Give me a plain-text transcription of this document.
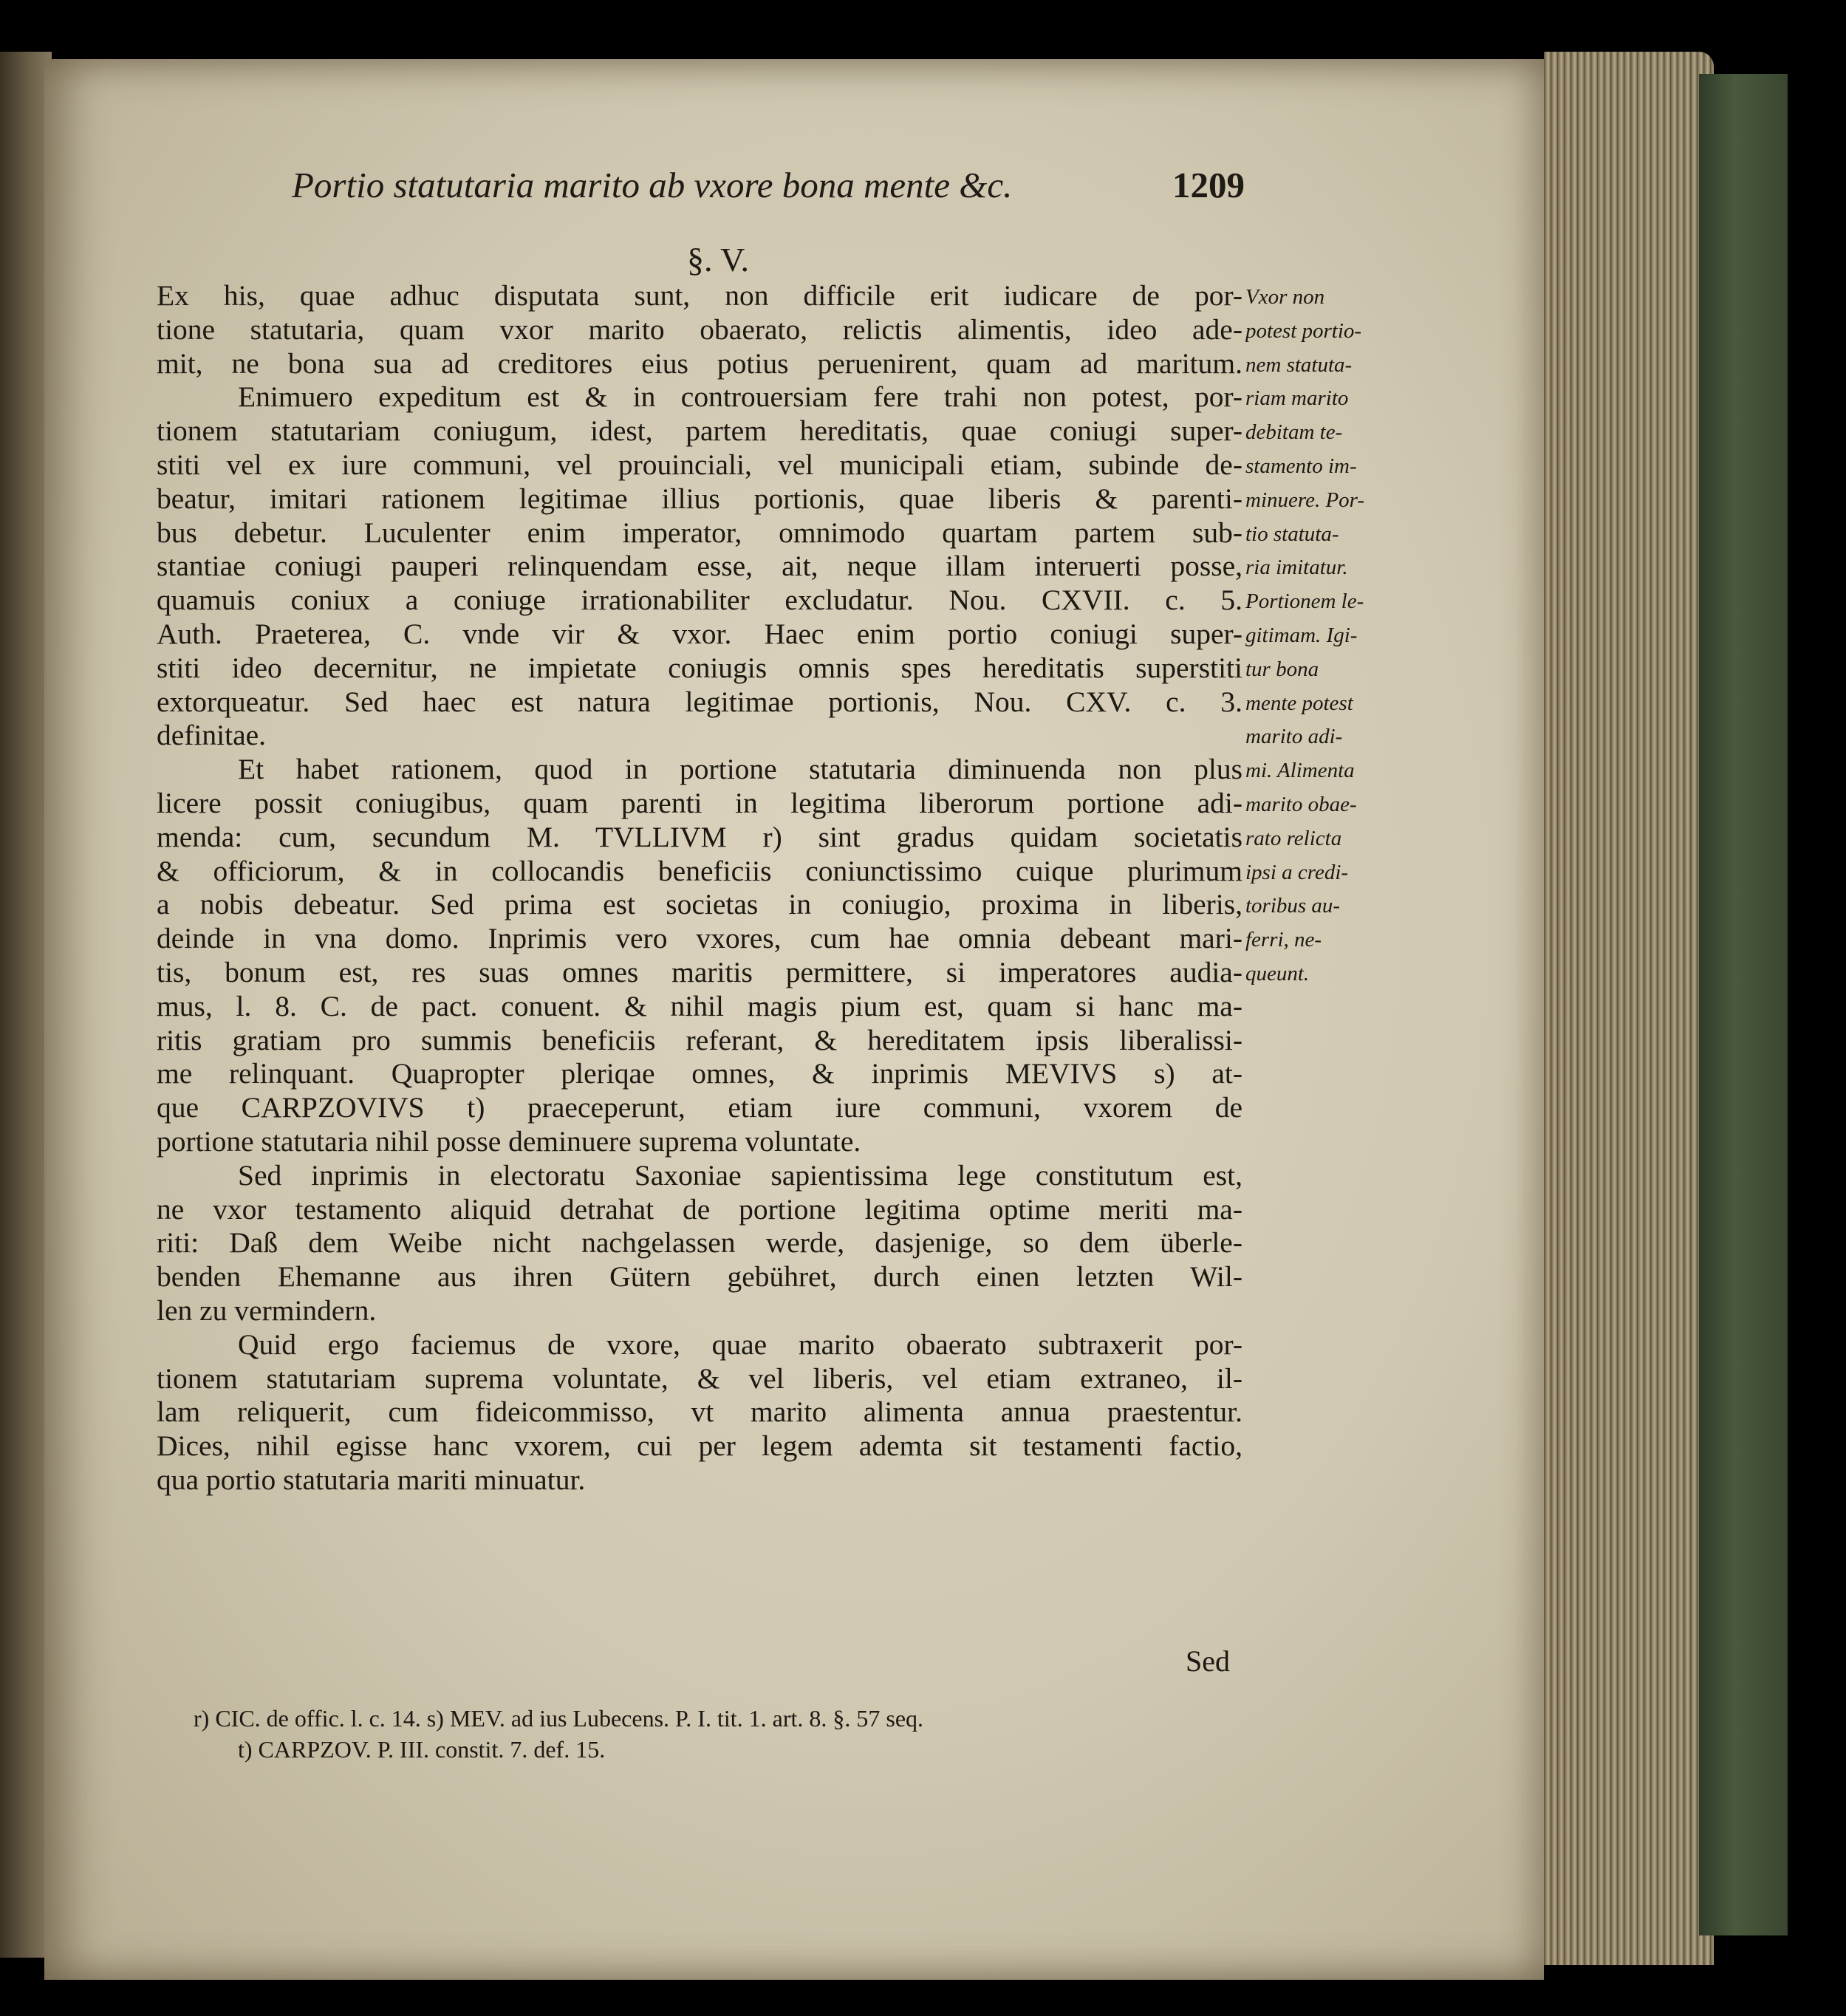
Portio statutaria marito ab vxore bona mente &c.	1209
§. V.
Ex his, quae adhuc disputata sunt, non difficile erit iudicare de por-
tione statutaria, quam vxor marito obaerato, relictis alimentis, ideo ade-
mit, ne bona sua ad creditores eius potius peruenirent, quam ad maritum.
Enimuero expeditum est & in controuersiam fere trahi non potest, por-
tionem statutariam coniugum, idest, partem hereditatis, quae coniugi super-
stiti vel ex iure communi, vel prouinciali, vel municipali etiam, subinde de-
beatur, imitari rationem legitimae illius portionis, quae liberis & parenti-
bus debetur. Luculenter enim imperator, omnimodo quartam partem sub-
stantiae coniugi pauperi relinquendam esse, ait, neque illam interuerti posse,
quamuis coniux a coniuge irrationabiliter excludatur. Nou. CXVII. c. 5.
Auth. Praeterea, C. vnde vir & vxor. Haec enim portio coniugi super-
stiti ideo decernitur, ne impietate coniugis omnis spes hereditatis superstiti
extorqueatur. Sed haec est natura legitimae portionis, Nou. CXV. c. 3.
definitae.
Et habet rationem, quod in portione statutaria diminuenda non plus
licere possit coniugibus, quam parenti in legitima liberorum portione adi-
menda: cum, secundum M. TVLLIVM r) sint gradus quidam societatis
& officiorum, & in collocandis beneficiis coniunctissimo cuique plurimum
a nobis debeatur. Sed prima est societas in coniugio, proxima in liberis,
deinde in vna domo. Inprimis vero vxores, cum hae omnia debeant mari-
tis, bonum est, res suas omnes maritis permittere, si imperatores audia-
mus, l. 8. C. de pact. conuent. & nihil magis pium est, quam si hanc ma-
ritis gratiam pro summis beneficiis referant, & hereditatem ipsis liberalissi-
me relinquant. Quapropter pleriqae omnes, & inprimis MEVIVS s) at-
que CARPZOVIVS t) praeceperunt, etiam iure communi, vxorem de
portione statutaria nihil posse deminuere suprema voluntate.
Sed inprimis in electoratu Saxoniae sapientissima lege constitutum est,
ne vxor testamento aliquid detrahat de portione legitima optime meriti ma-
riti: Daß dem Weibe nicht nachgelassen werde, dasjenige, so dem überle-
benden Ehemanne aus ihren Gütern gebühret, durch einen letzten Wil-
len zu vermindern.
Quid ergo faciemus de vxore, quae marito obaerato subtraxerit por-
tionem statutariam suprema voluntate, & vel liberis, vel etiam extraneo, il-
lam reliquerit, cum fideicommisso, vt marito alimenta annua praestentur.
Dices, nihil egisse hanc vxorem, cui per legem ademta sit testamenti factio,
qua portio statutaria mariti minuatur.
Vxor non
potest portio-
nem statuta-
riam marito
debitam te-
stamento im-
minuere. Por-
tio statuta-
ria imitatur.
Portionem le-
gitimam. Igi-
tur bona
mente potest
marito adi-
mi. Alimenta
marito obae-
rato relicta
ipsi a credi-
toribus au-
ferri, ne-
queunt.
Sed
r) CIC. de offic. l. c. 14. s) MEV. ad ius Lubecens. P. I. tit. 1. art. 8. §. 57 seq.
t) CARPZOV. P. III. constit. 7. def. 15.
